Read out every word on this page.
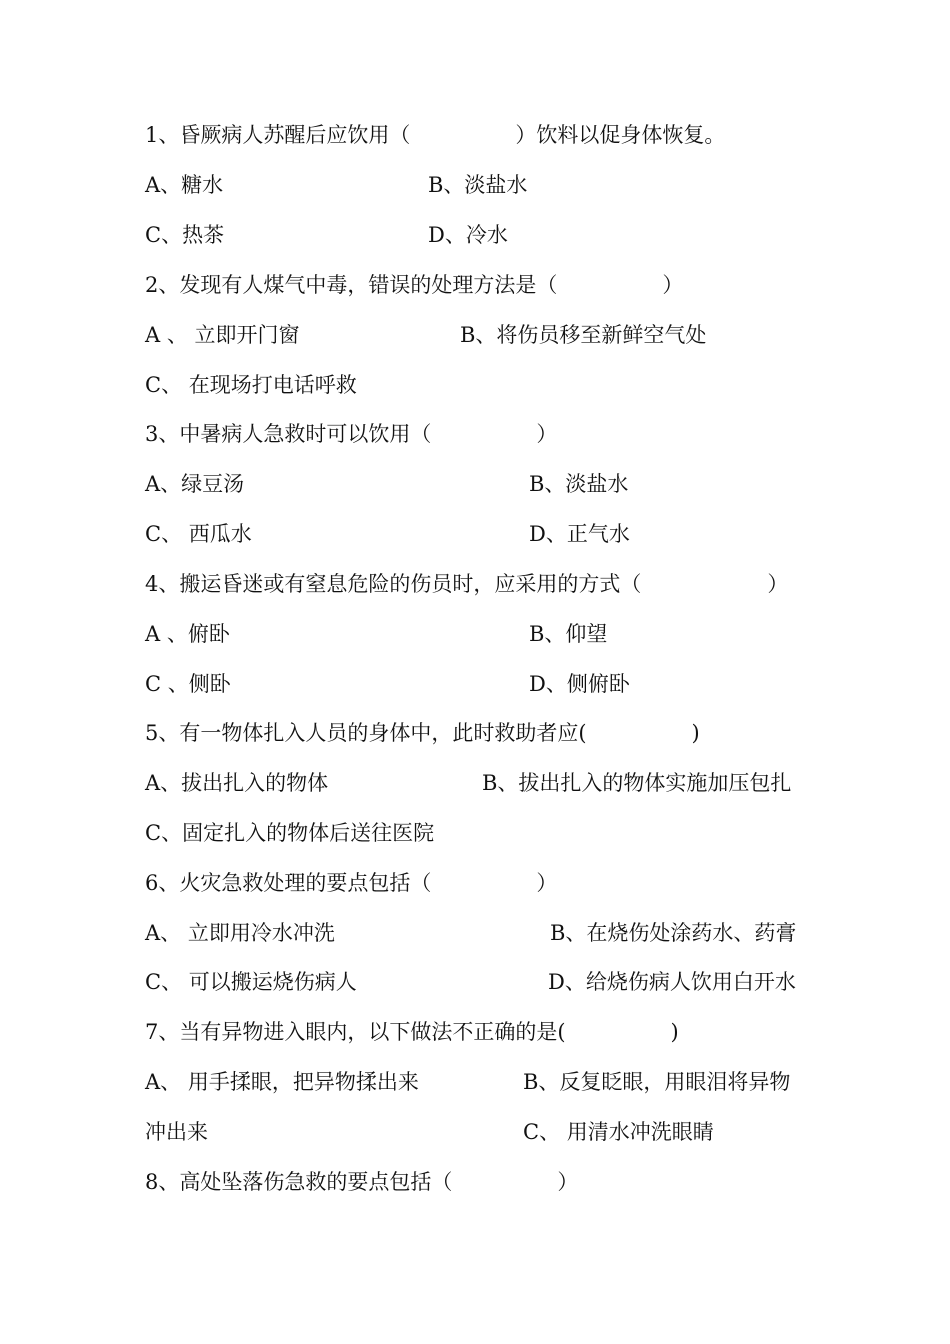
1、昏厥病人苏醒后应饮用（　　　　　）饮料以促身体恢复。
A、糖水	B、淡盐水
C、热茶	D、冷水
2、发现有人煤气中毒，错误的处理方法是（　　　　　）
A 、 立即开门窗	B、将伤员移至新鲜空气处
C、 在现场打电话呼救
3、中暑病人急救时可以饮用（　　　　　）
A、绿豆汤	B、淡盐水
C、 西瓜水	D、正气水
4、搬运昏迷或有窒息危险的伤员时，应采用的方式（　　　　　　）
A 、俯卧	B、仰望
C 、侧卧	D、侧俯卧
5、有一物体扎入人员的身体中，此时救助者应(　　　　　)
A、拔出扎入的物体	B、拔出扎入的物体实施加压包扎
C、固定扎入的物体后送往医院
6、火灾急救处理的要点包括（　　　　　）
A、 立即用冷水冲洗	B、在烧伤处涂药水、药膏
C、 可以搬运烧伤病人	D、给烧伤病人饮用白开水
7、当有异物进入眼内，以下做法不正确的是(　　　　　)
A、 用手揉眼，把异物揉出来	B、反复眨眼，用眼泪将异物
冲出来	C、 用清水冲洗眼睛
8、高处坠落伤急救的要点包括（　　　　　）
